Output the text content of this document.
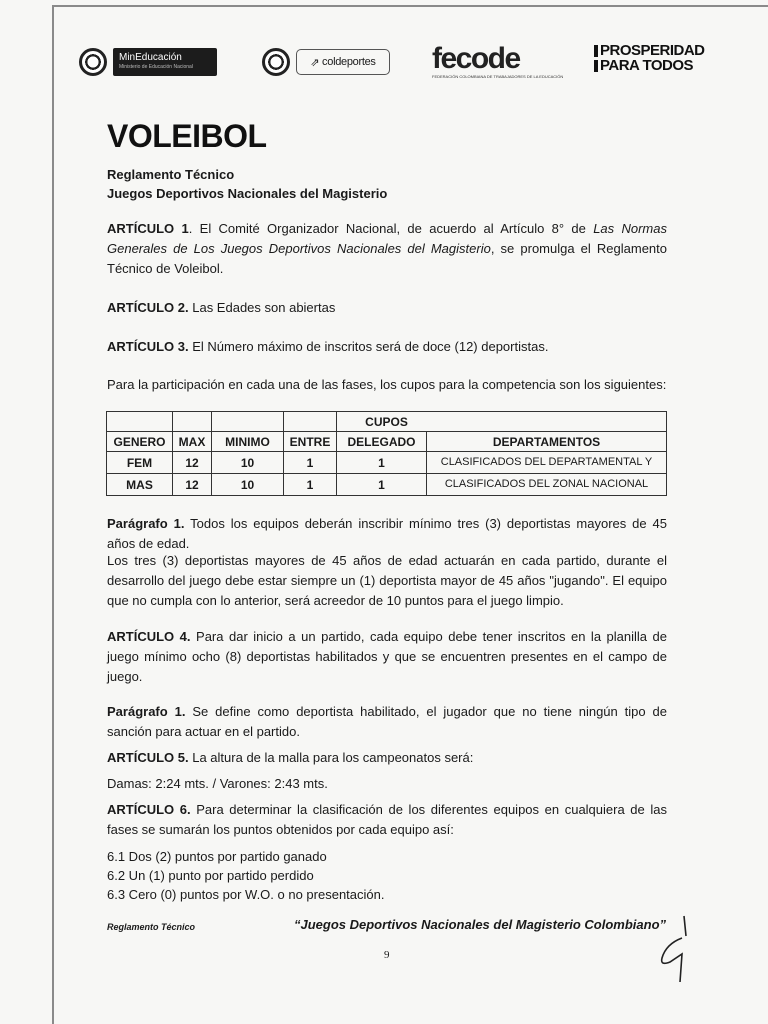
MinEducación
Ministerio de Educación Nacional	⇗ coldeportes fecode
FEDERACIÓN COLOMBIANA DE TRABAJADORES DE LA EDUCACIÓN
PROSPERIDAD
PARA TODOS
VOLEIBOL
Reglamento Técnico
Juegos Deportivos Nacionales del Magisterio

ARTÍCULO 1. El Comité Organizador Nacional, de acuerdo al Artículo 8° de Las Normas Generales de Los Juegos Deportivos Nacionales del Magisterio, se promulga el Reglamento Técnico de Voleibol.

ARTÍCULO 2. Las Edades son abiertas

ARTÍCULO 3. El Número máximo de inscritos será de doce (12) deportistas.

Para la participación en cada una de las fases, los cupos para la competencia son los siguientes:

				CUPOS	
GENERO	MAX	MINIMO	ENTRE	DELEGADO	DEPARTAMENTOS
FEM	12	10	1	1	CLASIFICADOS DEL DEPARTAMENTAL Y
MAS	12	10	1	1	CLASIFICADOS DEL ZONAL NACIONAL

Parágrafo 1. Todos los equipos deberán inscribir mínimo tres (3) deportistas mayores de 45 años de edad.

Los tres (3) deportistas mayores de 45 años de edad actuarán en cada partido, durante el desarrollo del juego debe estar siempre un (1) deportista mayor de 45 años "jugando". El equipo que no cumpla con lo anterior, será acreedor de 10 puntos para el juego limpio.

ARTÍCULO 4. Para dar inicio a un partido, cada equipo debe tener inscritos en la planilla de juego mínimo ocho (8) deportistas habilitados y que se encuentren presentes en el campo de juego.

Parágrafo 1. Se define como deportista habilitado, el jugador que no tiene ningún tipo de sanción para actuar en el partido.

ARTÍCULO 5. La altura de la malla para los campeonatos será:

Damas: 2:24 mts. / Varones: 2:43 mts.

ARTÍCULO 6. Para determinar la clasificación de los diferentes equipos en cualquiera de las fases se sumarán los puntos obtenidos por cada equipo así:

6.1 Dos (2) puntos por partido ganado
6.2 Un (1) punto por partido perdido
6.3 Cero (0) puntos por W.O. o no presentación.

Reglamento Técnico	“Juegos Deportivos Nacionales del Magisterio Colombiano”
9
